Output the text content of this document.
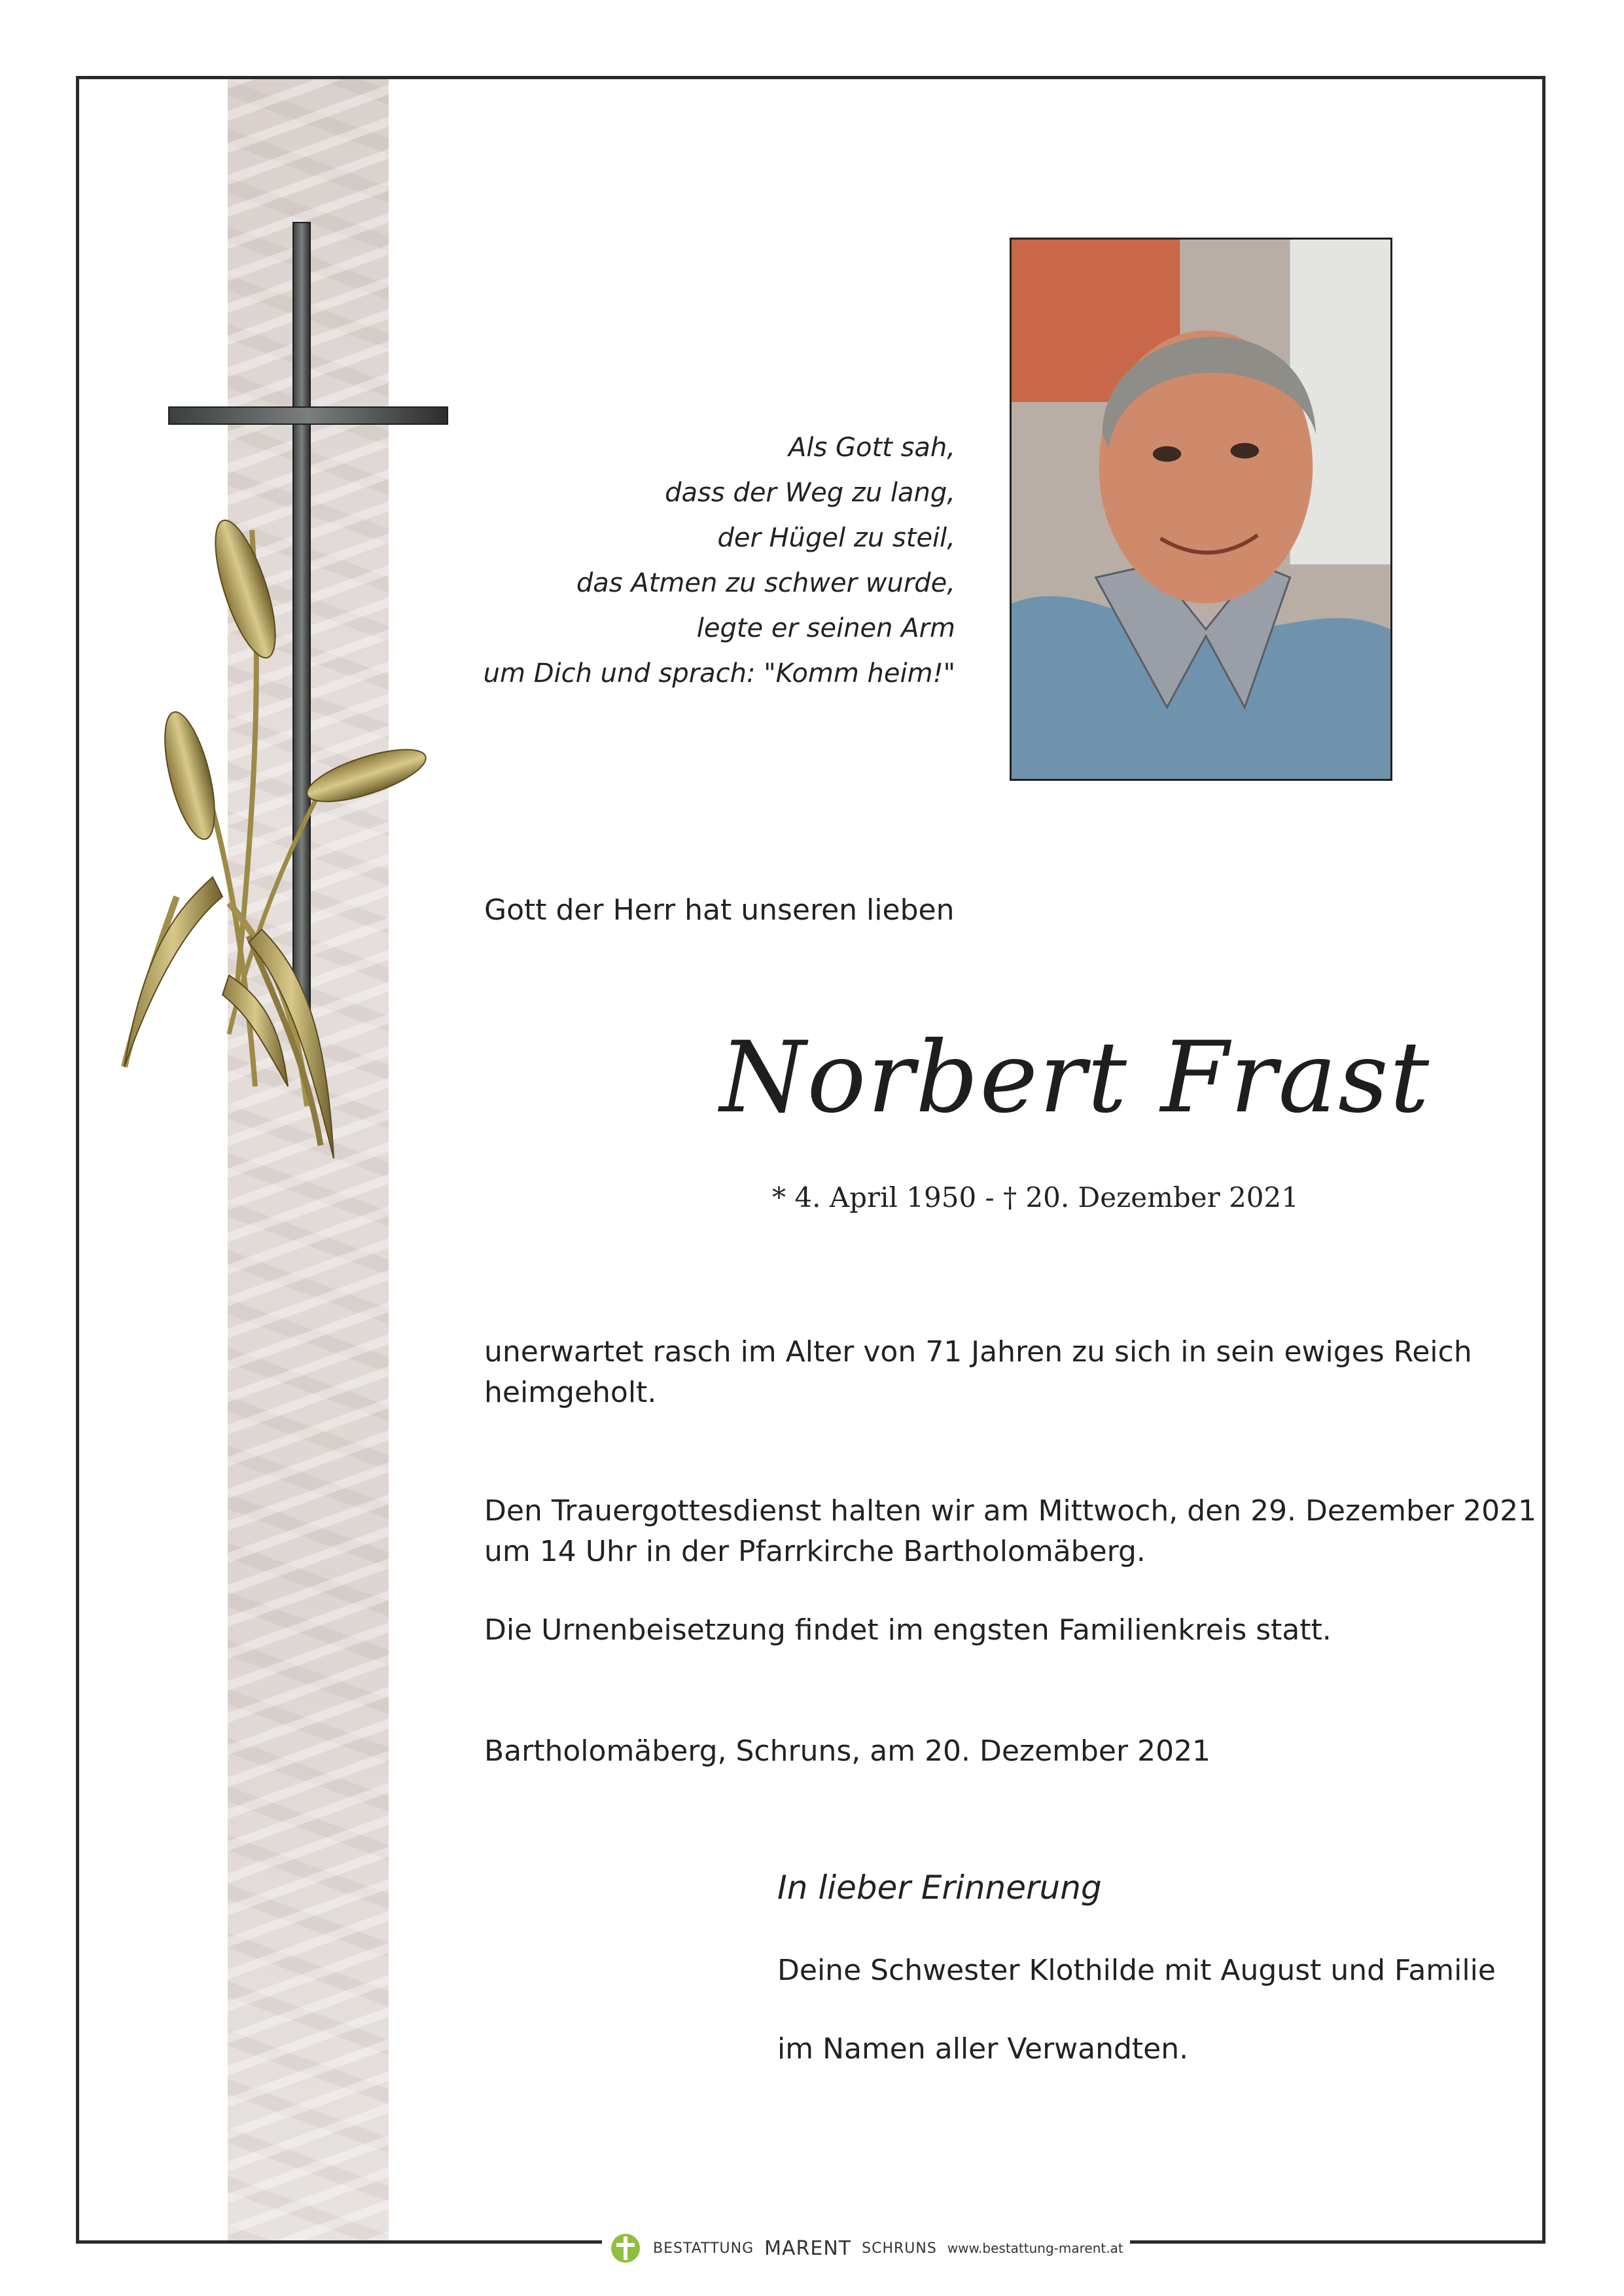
Als Gott sah,
dass der Weg zu lang,
der Hügel zu steil,
das Atmen zu schwer wurde,
legte er seinen Arm
um Dich und sprach: "Komm heim!"
Gott der Herr hat unseren lieben
Norbert Frast
* 4. April 1950 - † 20. Dezember 2021
unerwartet rasch im Alter von 71 Jahren zu sich in sein ewiges Reich heimgeholt.
Den Trauergottesdienst halten wir am Mittwoch, den 29. Dezember 2021 um 14 Uhr in der Pfarrkirche Bartholomäberg.
Die Urnenbeisetzung findet im engsten Familienkreis statt.
Bartholomäberg, Schruns, am 20. Dezember 2021
In lieber Erinnerung
Deine Schwester Klothilde mit August und Familie
im Namen aller Verwandten.
BESTATTUNG MARENT SCHRUNS www.bestattung-marent.at
